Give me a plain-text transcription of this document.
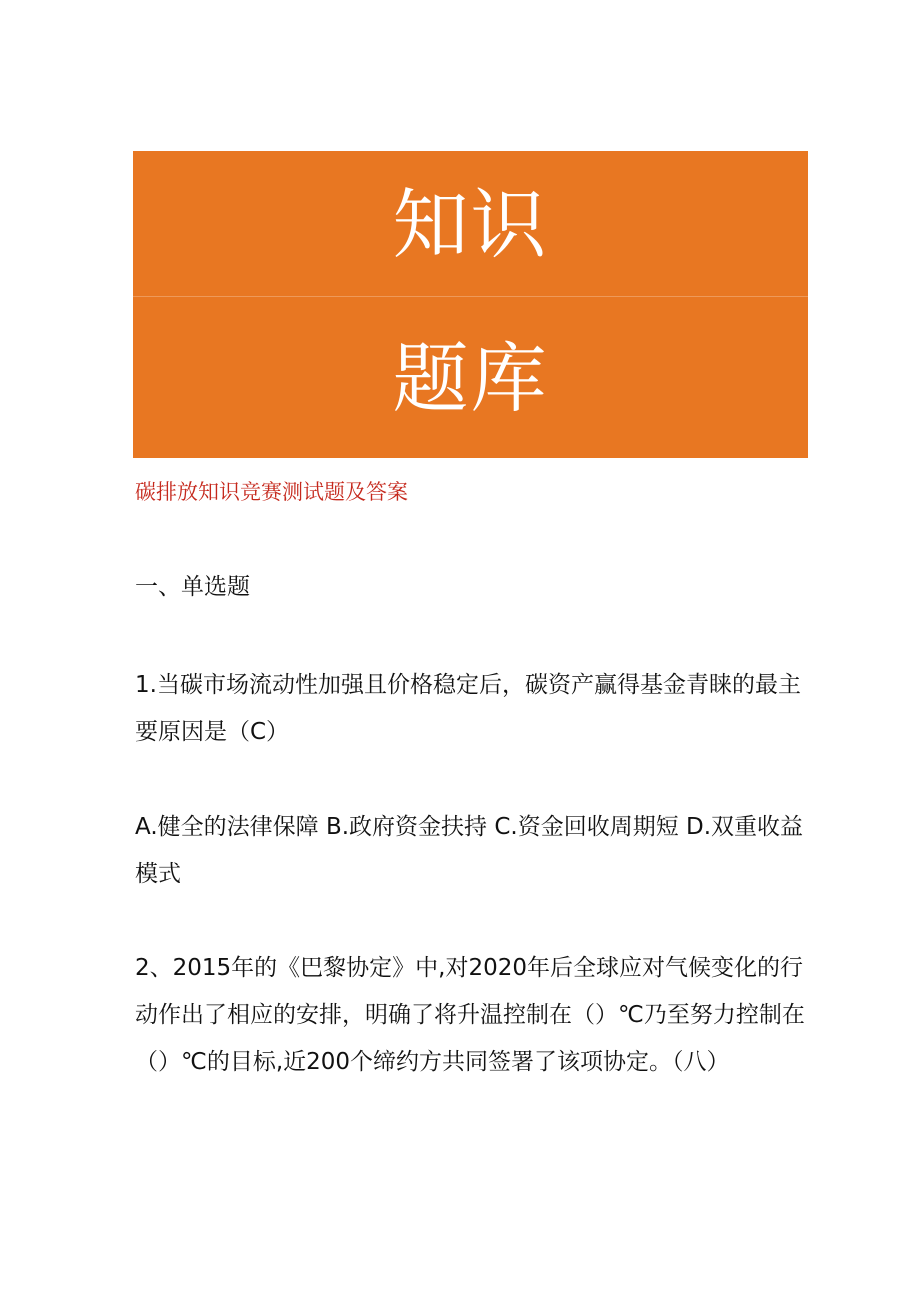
知识
题库
碳排放知识竞赛测试题及答案
一、单选题
1.当碳市场流动性加强且价格稳定后，碳资产赢得基金青睐的最主要原因是（C）
A.健全的法律保障 B.政府资金扶持 C.资金回收周期短 D.双重收益模式
2、2015年的《巴黎协定》中,对2020年后全球应对气候变化的行动作出了相应的安排，明确了将升温控制在（）℃乃至努力控制在（）℃的目标,近200个缔约方共同签署了该项协定。（八）
